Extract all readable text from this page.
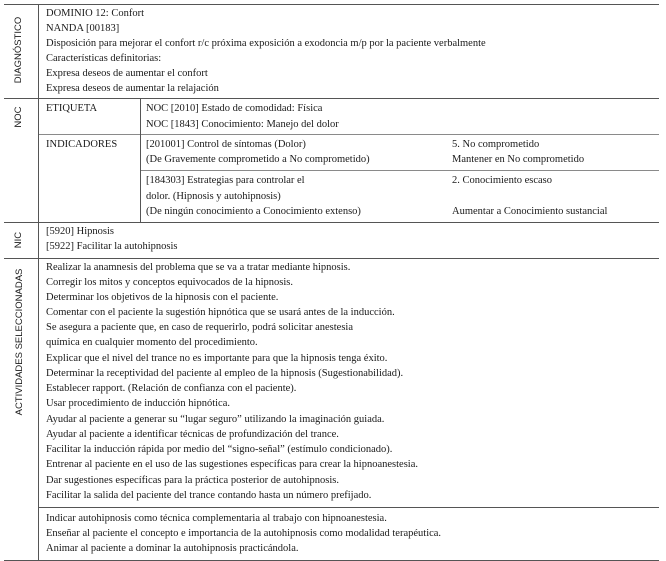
DIAGNÓSTICO
NOC
NIC
ACTIVIDADES SELECCIONADAS
DOMINIO 12: Confort
NANDA [00183]
Disposición para mejorar el confort r/c próxima exposición a exodoncia m/p por la paciente verbalmente
Características definitorias:
Expresa deseos de aumentar el confort
Expresa deseos de aumentar la relajación
ETIQUETA	NOC [2010] Estado de comodidad: Física
NOC [1843] Conocimiento: Manejo del dolor
INDICADORES	[201001] Control de síntomas (Dolor)
(De Gravemente comprometido a No comprometido)
5. No comprometido
Mantener en No comprometido
[184303] Estrategias para controlar el
dolor. (Hipnosis y autohipnosis)
(De ningún conocimiento a Conocimiento extenso)
2. Conocimiento escaso
Aumentar a Conocimiento sustancial
[5920] Hipnosis
[5922] Facilitar la autohipnosis
Realizar la anamnesis del problema que se va a tratar mediante hipnosis.
Corregir los mitos y conceptos equivocados de la hipnosis.
Determinar los objetivos de la hipnosis con el paciente.
Comentar con el paciente la sugestión hipnótica que se usará antes de la inducción.
Se asegura a paciente que, en caso de requerirlo, podrá solicitar anestesia
química en cualquier momento del procedimiento.
Explicar que el nivel del trance no es importante para que la hipnosis tenga éxito.
Determinar la receptividad del paciente al empleo de la hipnosis (Sugestionabilidad).
Establecer rapport. (Relación de confianza con el paciente).
Usar procedimiento de inducción hipnótica.
Ayudar al paciente a generar su “lugar seguro” utilizando la imaginación guiada.
Ayudar al paciente a identificar técnicas de profundización del trance.
Facilitar la inducción rápida por medio del “signo-señal” (estímulo condicionado).
Entrenar al paciente en el uso de las sugestiones específicas para crear la hipnoanestesia.
Dar sugestiones específicas para la práctica posterior de autohipnosis.
Facilitar la salida del paciente del trance contando hasta un número prefijado.
Indicar autohipnosis como técnica complementaria al trabajo con hipnoanestesia.
Enseñar al paciente el concepto e importancia de la autohipnosis como modalidad terapéutica.
Animar al paciente a dominar la autohipnosis practicándola.
